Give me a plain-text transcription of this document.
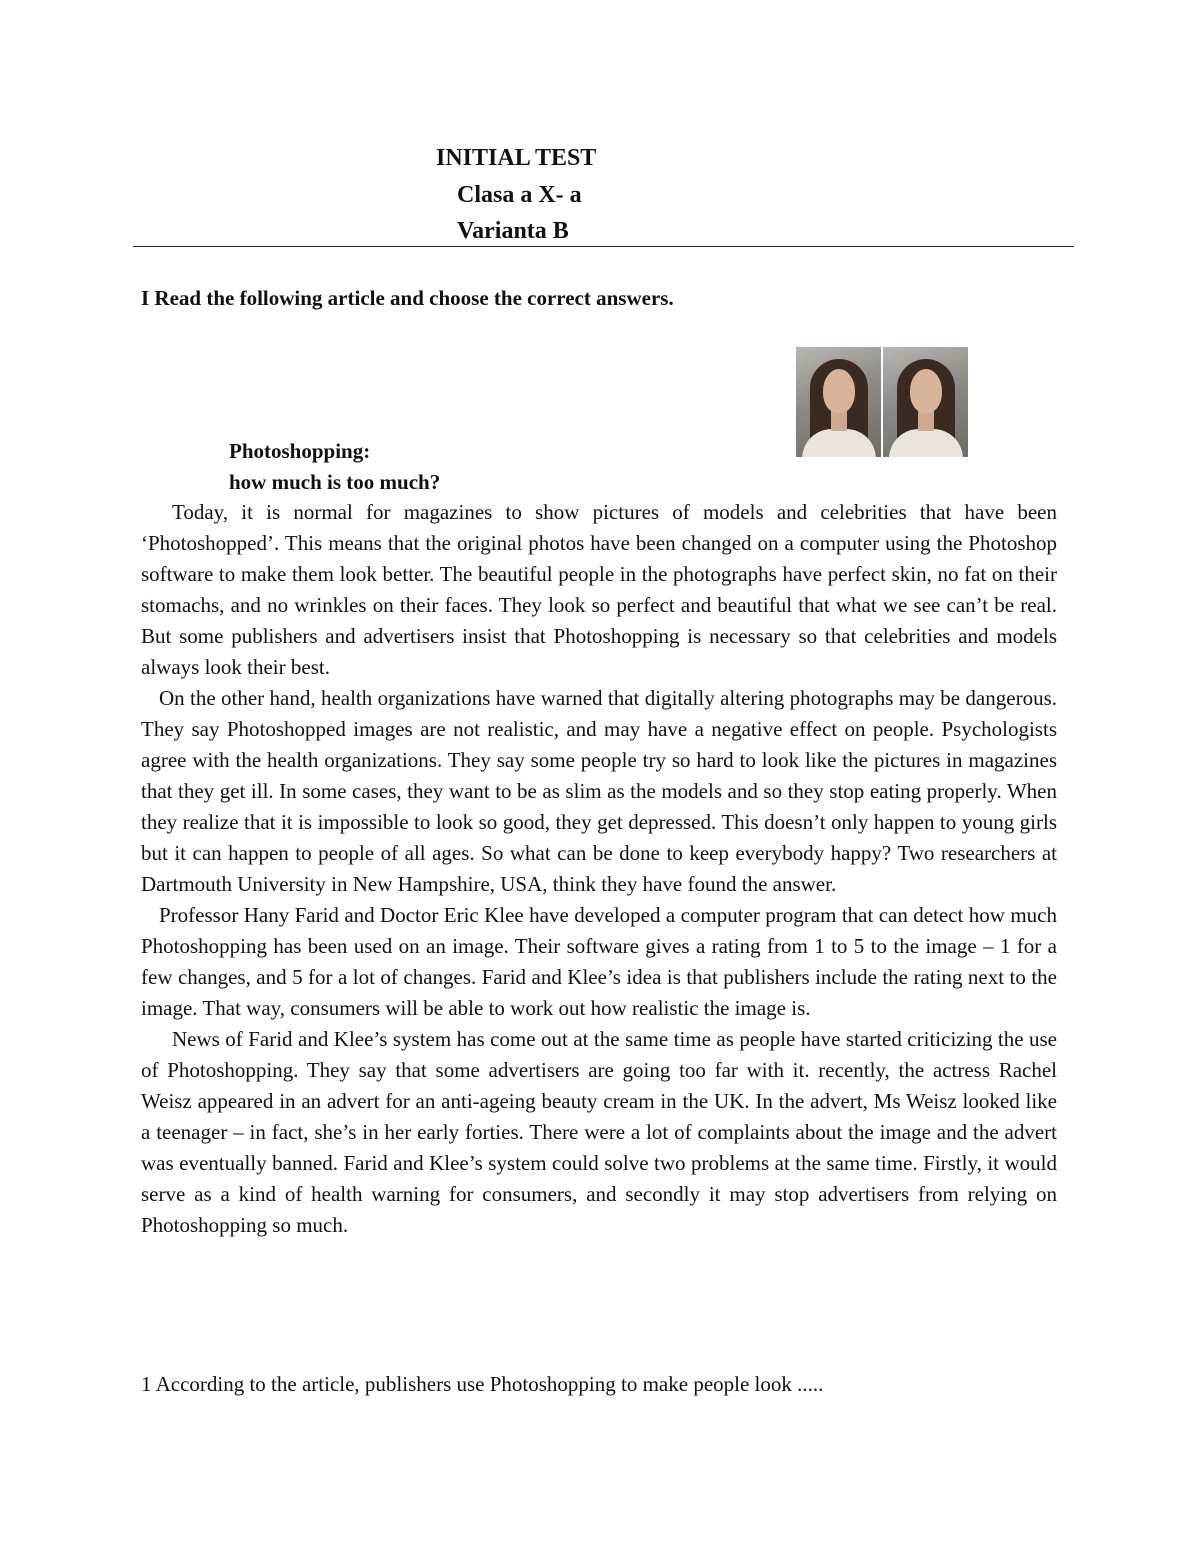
INITIAL TEST
Clasa a X- a
Varianta B
I Read the following article and choose the correct answers.
Photoshopping:
how much is too much?

Today, it is normal for magazines to show pictures of models and celebrities that have been ‘Photoshopped’. This means that the original photos have been changed on a computer using the Photoshop software to make them look better. The beautiful people in the photographs have perfect skin, no fat on their stomachs, and no wrinkles on their faces. They look so perfect and beautiful that what we see can’t be real. But some publishers and advertisers insist that Photoshopping is necessary so that celebrities and models always look their best.

On the other hand, health organizations have warned that digitally altering photographs may be dangerous. They say Photoshopped images are not realistic, and may have a negative effect on people. Psychologists agree with the health organizations. They say some people try so hard to look like the pictures in magazines that they get ill. In some cases, they want to be as slim as the models and so they stop eating properly. When they realize that it is impossible to look so good, they get depressed. This doesn’t only happen to young girls but it can happen to people of all ages. So what can be done to keep everybody happy? Two researchers at Dartmouth University in New Hampshire, USA, think they have found the answer.

Professor Hany Farid and Doctor Eric Klee have developed a computer program that can detect how much Photoshopping has been used on an image. Their software gives a rating from 1 to 5 to the image – 1 for a few changes, and 5 for a lot of changes. Farid and Klee’s idea is that publishers include the rating next to the image. That way, consumers will be able to work out how realistic the image is.

News of Farid and Klee’s system has come out at the same time as people have started criticizing the use of Photoshopping. They say that some advertisers are going too far with it. recently, the actress Rachel Weisz appeared in an advert for an anti-ageing beauty cream in the UK. In the advert, Ms Weisz looked like a teenager – in fact, she’s in her early forties. There were a lot of complaints about the image and the advert was eventually banned. Farid and Klee’s system could solve two problems at the same time. Firstly, it would serve as a kind of health warning for consumers, and secondly it may stop advertisers from relying on Photoshopping so much.

1 According to the article, publishers use Photoshopping to make people look .....
